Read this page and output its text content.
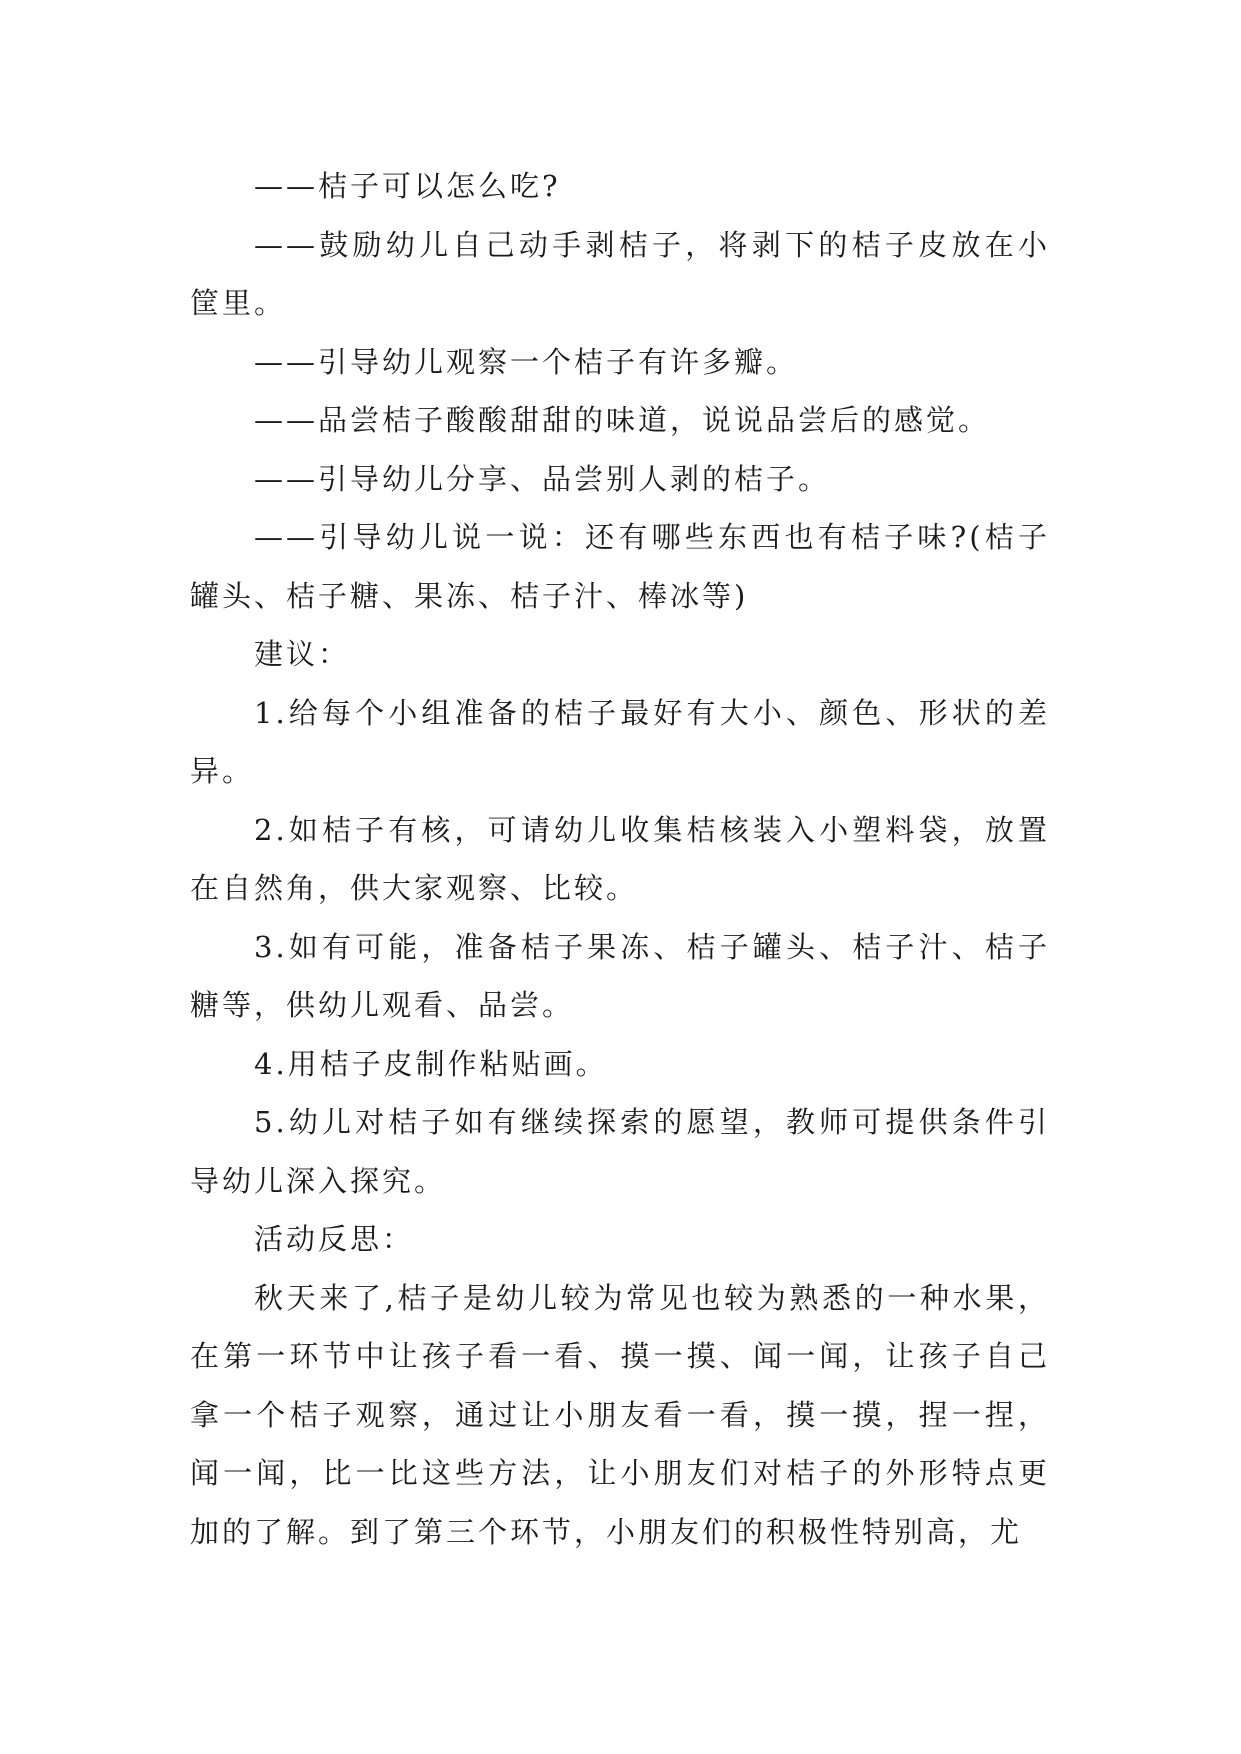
——桔子可以怎么吃?

——鼓励幼儿自己动手剥桔子，将剥下的桔子皮放在小筐里。

——引导幼儿观察一个桔子有许多瓣。

——品尝桔子酸酸甜甜的味道，说说品尝后的感觉。

——引导幼儿分享、品尝别人剥的桔子。

——引导幼儿说一说：还有哪些东西也有桔子味?(桔子罐头、桔子糖、果冻、桔子汁、棒冰等)

建议：

1.给每个小组准备的桔子最好有大小、颜色、形状的差异。

2.如桔子有核，可请幼儿收集桔核装入小塑料袋，放置在自然角，供大家观察、比较。

3.如有可能，准备桔子果冻、桔子罐头、桔子汁、桔子糖等，供幼儿观看、品尝。

4.用桔子皮制作粘贴画。

5.幼儿对桔子如有继续探索的愿望，教师可提供条件引导幼儿深入探究。

活动反思：

秋天来了,桔子是幼儿较为常见也较为熟悉的一种水果，在第一环节中让孩子看一看、摸一摸、闻一闻，让孩子自己拿一个桔子观察，通过让小朋友看一看，摸一摸，捏一捏，闻一闻，比一比这些方法，让小朋友们对桔子的外形特点更加的了解。到了第三个环节，小朋友们的积极性特别高，尤
